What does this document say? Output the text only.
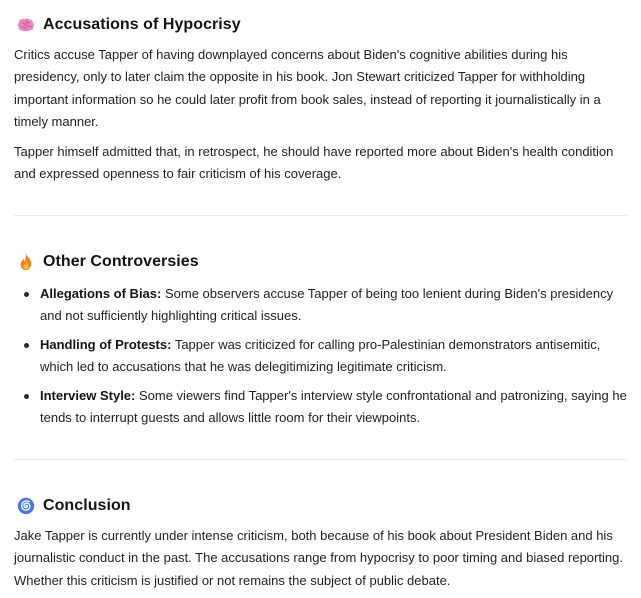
Accusations of Hypocrisy

Critics accuse Tapper of having downplayed concerns about Biden's cognitive abilities during his presidency, only to later claim the opposite in his book. Jon Stewart criticized Tapper for withholding important information so he could later profit from book sales, instead of reporting it journalistically in a timely manner.

Tapper himself admitted that, in retrospect, he should have reported more about Biden's health condition and expressed openness to fair criticism of his coverage.

Other Controversies
Allegations of Bias: Some observers accuse Tapper of being too lenient during Biden's presidency and not sufficiently highlighting critical issues.
Handling of Protests: Tapper was criticized for calling pro-Palestinian demonstrators antisemitic, which led to accusations that he was delegitimizing legitimate criticism.
Interview Style: Some viewers find Tapper's interview style confrontational and patronizing, saying he tends to interrupt guests and allows little room for their viewpoints.
Conclusion

Jake Tapper is currently under intense criticism, both because of his book about President Biden and his journalistic conduct in the past. The accusations range from hypocrisy to poor timing and biased reporting. Whether this criticism is justified or not remains the subject of public debate.
